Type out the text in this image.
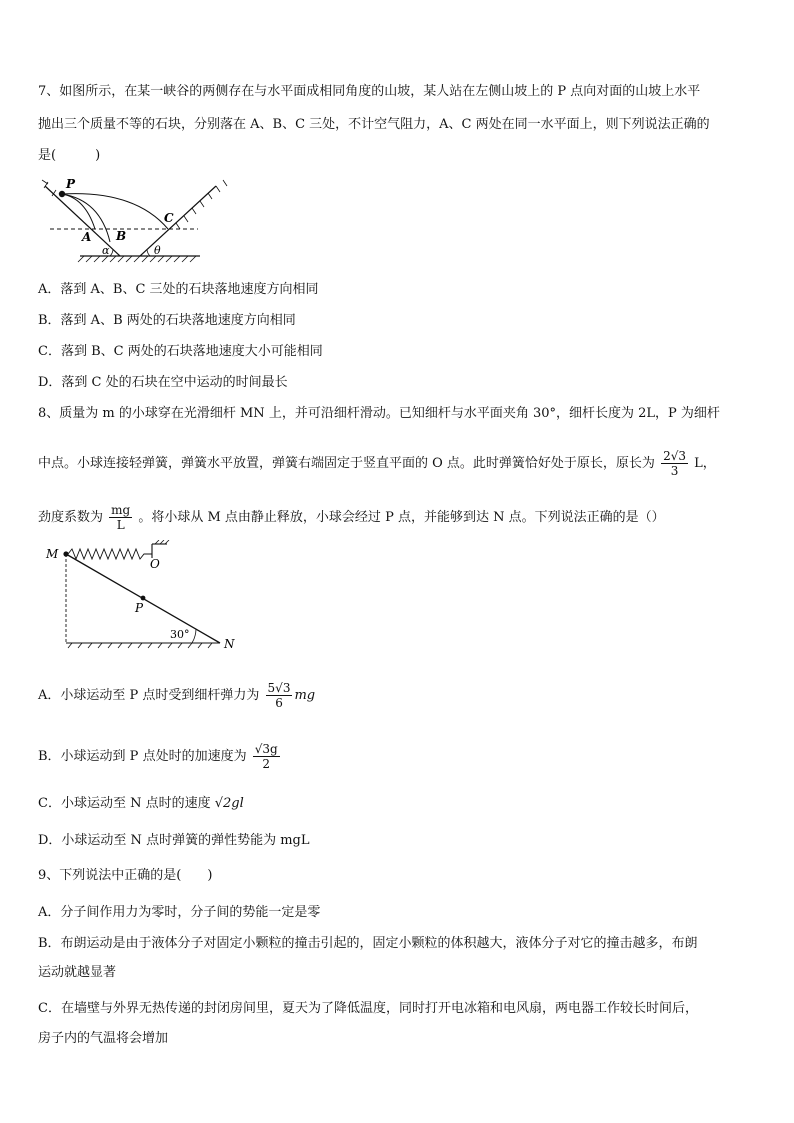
7、如图所示，在某一峡谷的两侧存在与水平面成相同角度的山坡，某人站在左侧山坡上的 P 点向对面的山坡上水平
抛出三个质量不等的石块，分别落在 A、B、C 三处，不计空气阻力，A、C 两处在同一水平面上，则下列说法正确的
是(　　　)
P
A B
C
α	θ
A．落到 A、B、C 三处的石块落地速度方向相同
B．落到 A、B 两处的石块落地速度方向相同
C．落到 B、C 两处的石块落地速度大小可能相同
D．落到 C 处的石块在空中运动的时间最长
8、质量为 m 的小球穿在光滑细杆 MN 上，并可沿细杆滑动。已知细杆与水平面夹角 30°，细杆长度为 2L，P 为细杆
中点。小球连接轻弹簧，弹簧水平放置，弹簧右端固定于竖直平面的 O 点。此时弹簧恰好处于原长，原长为 $\frac{2√3}{3}$ L，
劲度系数为 $\frac{mg}{L}$ 。将小球从 M 点由静止释放，小球会经过 P 点，并能够到达 N 点。下列说法正确的是（）
M
O
P
N
30°
A．小球运动至 P 点时受到细杆弹力为 $\frac{5√3}{6}$ mg
B．小球运动到 P 点处时的加速度为 $\frac{√3g}{2}$
C．小球运动至 N 点时的速度 √2gl
D．小球运动至 N 点时弹簧的弹性势能为 mgL
9、下列说法中正确的是(　　)
A．分子间作用力为零时，分子间的势能一定是零
B．布朗运动是由于液体分子对固定小颗粒的撞击引起的，固定小颗粒的体积越大，液体分子对它的撞击越多，布朗
运动就越显著
C．在墙壁与外界无热传递的封闭房间里，夏天为了降低温度，同时打开电冰箱和电风扇，两电器工作较长时间后，
房子内的气温将会增加
